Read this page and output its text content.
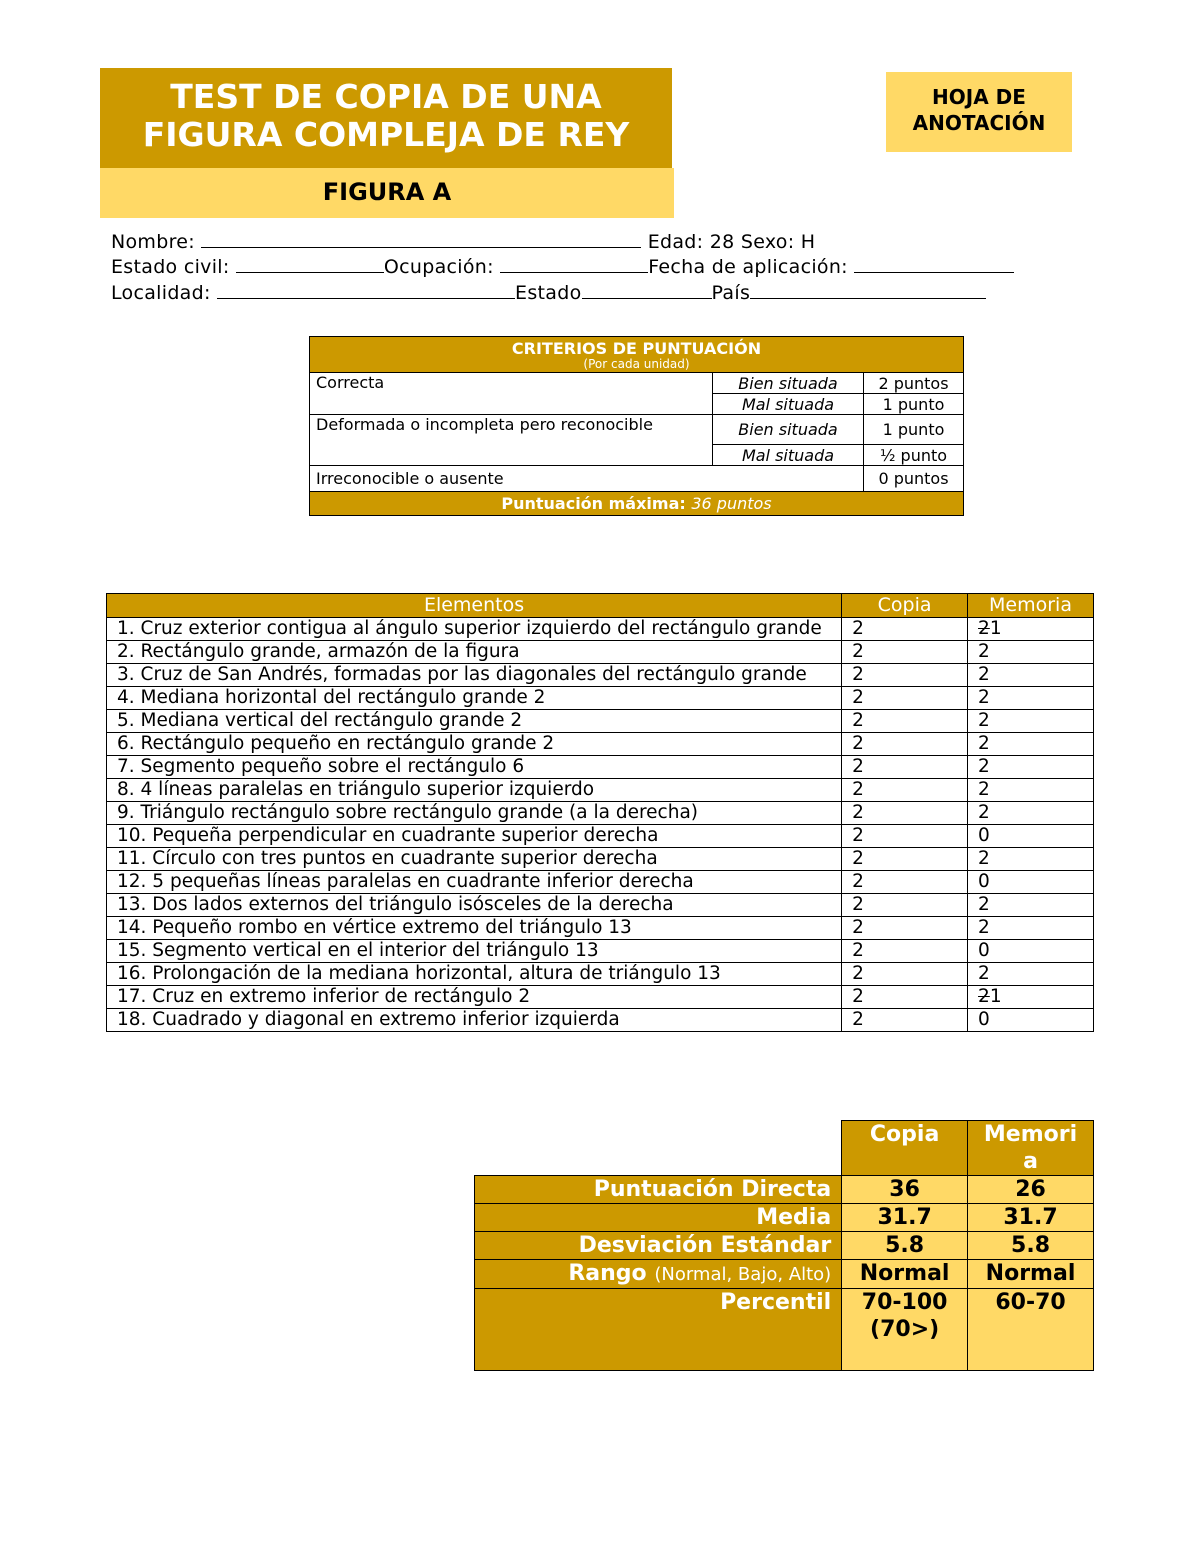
TEST DE COPIA DE UNA
FIGURA COMPLEJA DE REY
FIGURA A
HOJA DE
ANOTACIÓN
Nombre:	Edad: 28 Sexo: H
Estado civil:	Ocupación:	Fecha de aplicación:
Localidad:	Estado	País
CRITERIOS DE PUNTUACIÓN
(Por cada unidad)		

Correcta	Bien situada	2 puntos
	Mal situada	1 punto
Deformada o incompleta pero reconocible	Bien situada	1 punto
	Mal situada	½ punto
Irreconocible o ausente		0 puntos
Puntuación máxima: 36 puntos		
Elementos	Copia	Memoria
1. Cruz exterior contigua al ángulo superior izquierdo del rectángulo grande	2	21
2. Rectángulo grande, armazón de la figura	2	2
3. Cruz de San Andrés, formadas por las diagonales del rectángulo grande	2	2
4. Mediana horizontal del rectángulo grande 2	2	2
5. Mediana vertical del rectángulo grande 2	2	2
6. Rectángulo pequeño en rectángulo grande 2	2	2
7. Segmento pequeño sobre el rectángulo 6	2	2
8. 4 líneas paralelas en triángulo superior izquierdo	2	2
9. Triángulo rectángulo sobre rectángulo grande (a la derecha)	2	2
10. Pequeña perpendicular en cuadrante superior derecha	2	0
11. Círculo con tres puntos en cuadrante superior derecha	2	2
12. 5 pequeñas líneas paralelas en cuadrante inferior derecha	2	0
13. Dos lados externos del triángulo isósceles de la derecha	2	2
14. Pequeño rombo en vértice extremo del triángulo 13	2	2
15. Segmento vertical en el interior del triángulo 13	2	0
16. Prolongación de la mediana horizontal, altura de triángulo 13	2	2
17. Cruz en extremo inferior de rectángulo 2	2	21
18. Cuadrado y diagonal en extremo inferior izquierda	2	0
	Copia	Memoria
Puntuación Directa	36	26
Media	31.7	31.7
Desviación Estándar	5.8	5.8
Rango (Normal, Bajo, Alto)	Normal	Normal
Percentil	70-100(70>)	60-70
